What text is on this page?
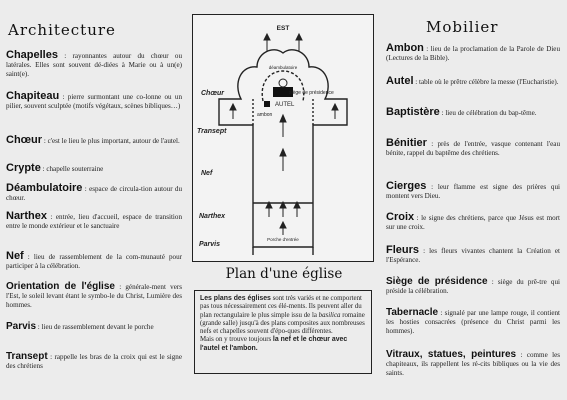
Architecture

Chapelles : rayonnantes autour du chœur ou latérales. Elles sont souvent dé-diées à Marie ou à un(e) saint(e).

Chapiteau : pierre surmontant une co-lonne ou un pilier, souvent sculptée (motifs végétaux, scènes bibliques…)

Chœur : c'est le lieu le plus important, autour de l'autel.

Crypte : chapelle souterraine

Déambulatoire : espace de circula-tion autour du chœur.

Narthex : entrée, lieu d'accueil, espace de transition entre le monde extérieur et le sanctuaire

Nef : lieu de rassemblement de la com-munauté pour participer à la célébration.

Orientation de l'église : générale-ment vers l'Est, le soleil levant étant le symbo-le du Christ, Lumière des hommes.

Parvis : lieu de rassemblement devant le porche

Transept : rappelle les bras de la croix qui est le signe des chrétiens

EST
Chœur
Transept
Nef
Narthex
Parvis
déambulatoire
siège de présidence
AUTEL
ambon
Porche d'entrée
Plan d'une église
Les plans des églises sont très variés et ne comportent pas tous nécessairement ces élé-ments. Ils peuvent aller du plan rectangulaire le plus simple issu de la basilica romaine (grande salle) jusqu'à des plans composites aux nombreuses nefs et chapelles souvent d'épo-ques différentes.
Mais on y trouve toujours la nef et le chœur avec l'autel et l'ambon.
Mobilier

Ambon : lieu de la proclamation de la Parole de Dieu (Lectures de la Bible).

Autel : table où le prêtre célèbre la messe (l'Eucharistie).

Baptistère : lieu de célébration du bap-tême.

Bénitier : près de l'entrée, vasque contenant l'eau bénite, rappel du baptême des chrétiens.

Cierges : leur flamme est signe des prières qui montent vers Dieu.

Croix : le signe des chrétiens, parce que Jésus est mort sur une croix.

Fleurs : les fleurs vivantes chantent la Création et l'Espérance.

Siège de présidence : siège du prê-tre qui préside la célébration.

Tabernacle : signalé par une lampe rouge, il contient les hosties consacrées (présence du Christ parmi les hommes).

Vitraux, statues, peintures : comme les chapiteaux, ils rappellent les ré-cits bibliques ou la vie des saints.
